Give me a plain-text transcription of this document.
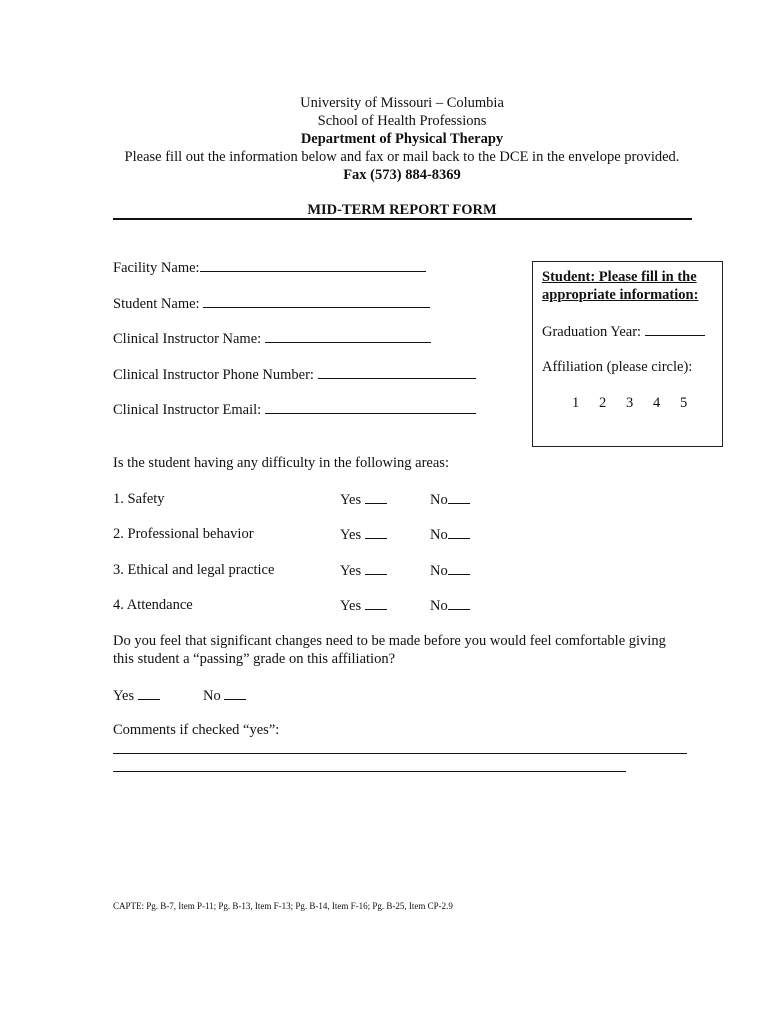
University of Missouri – Columbia
School of Health Professions
Department of Physical Therapy
Please fill out the information below and fax or mail back to the DCE in the envelope provided.
Fax (573) 884-8369
MID-TERM REPORT FORM
Facility Name:
Student Name:
Clinical Instructor Name:
Clinical Instructor Phone Number:
Clinical Instructor Email:
Student: Please fill in the
appropriate information:
Graduation Year:
Affiliation (please circle):
1 2 3 4 5
Is the student having any difficulty in the following areas:
1. Safety	Yes	No
2. Professional behavior	Yes	No
3. Ethical and legal practice	Yes	No
4. Attendance	Yes	No
Do you feel that significant changes need to be made before you would feel comfortable giving
this student a “passing” grade on this affiliation?
Yes	No
Comments if checked “yes”:
CAPTE: Pg. B-7, Item P-11; Pg. B-13, Item F-13; Pg. B-14, Item F-16; Pg. B-25, Item CP-2.9
